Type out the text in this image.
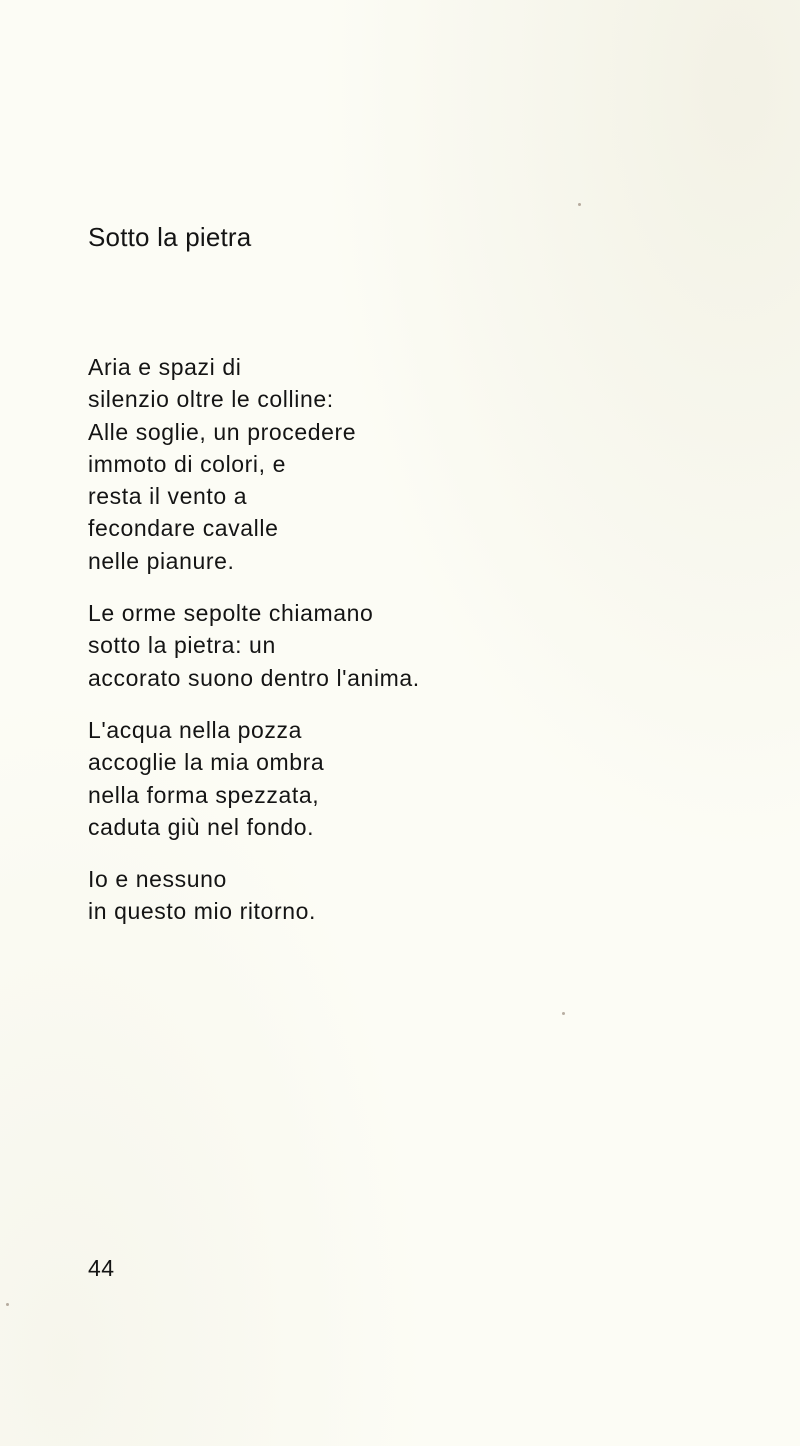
Sotto la pietra
Aria e spazi di
silenzio oltre le colline:
Alle soglie, un procedere
immoto di colori, e
resta il vento a
fecondare cavalle
nelle pianure.
Le orme sepolte chiamano
sotto la pietra: un
accorato suono dentro l'anima.
L'acqua nella pozza
accoglie la mia ombra
nella forma spezzata,
caduta giù nel fondo.
Io e nessuno
in questo mio ritorno.
44
